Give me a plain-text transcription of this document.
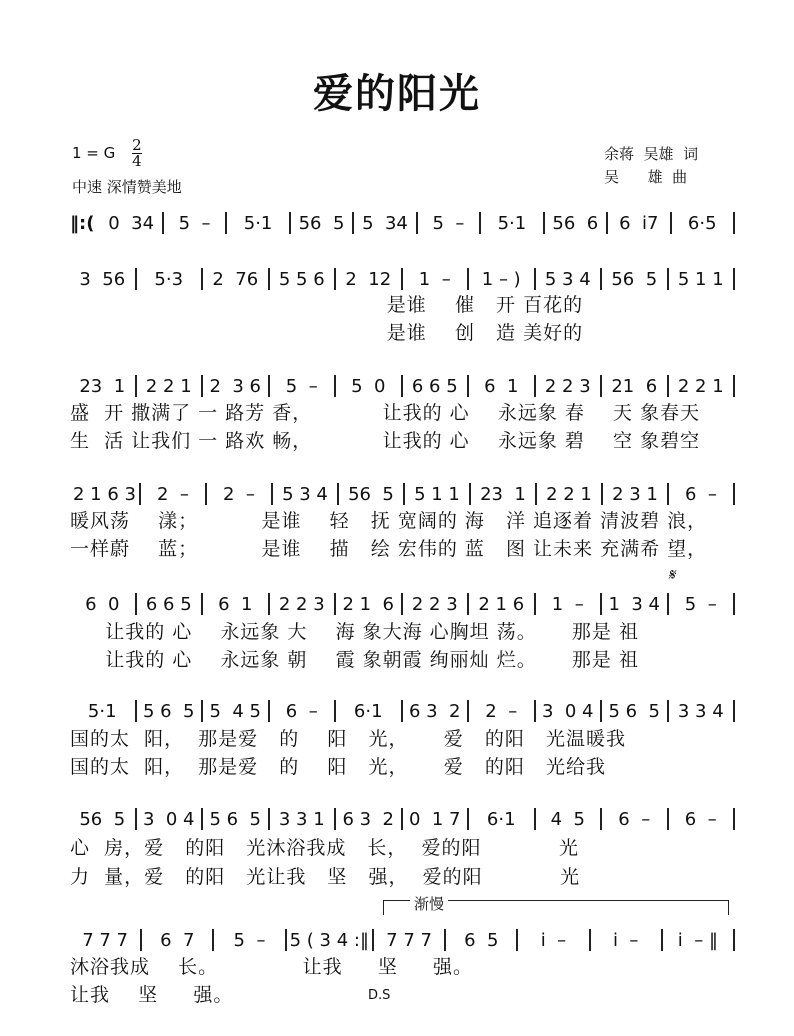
爱的阳光
1 = G $\frac{2}{4}$
中速 深情赞美地
余蒋  吴雄  词
吴      雄  曲
𝄋
渐慢
D.S
‖:( 0  34	5  –	5·1	56  5 5  34	5  –	5·1	56  6	6  i7	6·5
3  56	5·3	2  76	5 5 6	2  12	1  –	1 – )	5 3 4	56  5	5 1 1
是谁    催   开 百花的
是谁    创   造 美好的
23  1	2 2 1 2  3 6	5  –	5  0	6 6 5	6  1	2 2 3	21  6	2 2 1
盛  开 撒满了 一 路芳 香，          让我的 心    永远象 春    天 象春天
生  活 让我们 一 路欢 畅，          让我的 心    永远象 碧    空 象碧空
2 1 6 3	2  –	2  –	5 3 4	56  5	5 1 1	23  1	2 2 1	2 3 1	6  –
暖风荡    漾；         是谁    轻   抚 宽阔的 海   洋 追逐着 清波碧 浪，
一样蔚    蓝；         是谁    描   绘 宏伟的 蓝   图 让未来 充满希 望，
6  0	6 6 5	6  1	2 2 3 2 1  6 2 2 3	2 1 6	1  –	1  3 4	5  –
让我的 心    永远象 大    海 象大海 心胸坦 荡。     那是 祖
让我的 心    永远象 朝    霞 象朝霞 绚丽灿 烂。     那是 祖
5·1	5 6  5 5  4 5	6  –	6·1	6 3  2	2  –	3  0 4 5 6  5 3 3 4
国的太  阳，  那是爱   的    阳   光，     爱   的阳   光温暖我
国的太  阳，  那是爱   的    阳   光，     爱   的阳   光给我
56  5 3  0 4 5 6  5 3 3 1 6 3  2 0  1 7	6·1	4  5	6  –	6  –
心  房，爱   的阳   光沐浴我成   长，  爱的阳           光
力  量，爱   的阳   光让我   坚   强，  爱的阳           光
7 7 7	6  7	5  –	5 ( 3 4 :‖ 7 7 7	6  5	i  –	i  –	i  – ‖
沐浴我成    长。            让我     坚     强。
让我    坚     强。
